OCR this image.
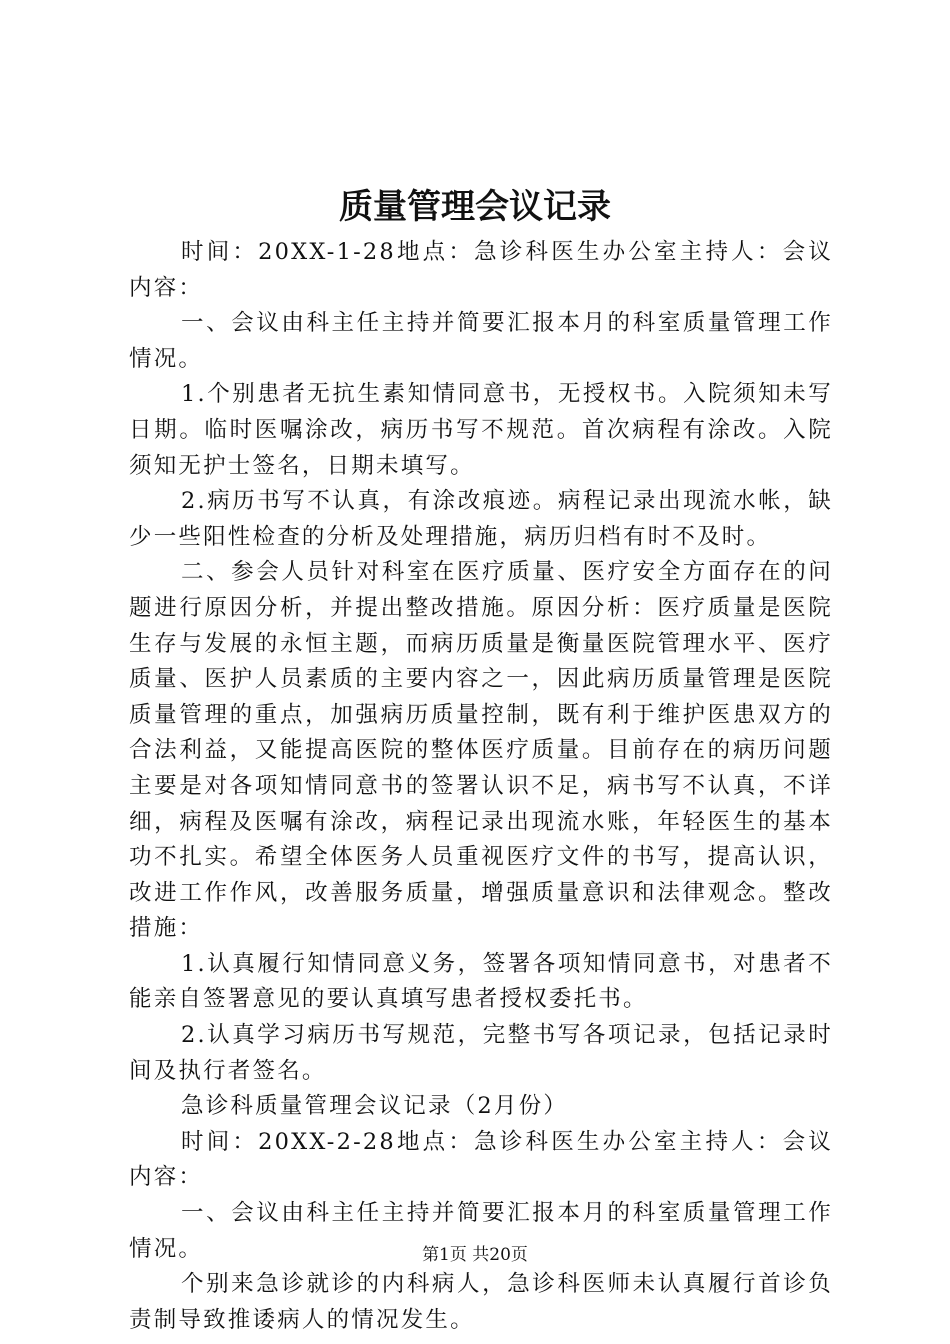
质量管理会议记录

时间：20XX-1-28地点：急诊科医生办公室主持人：会议内容：

一、会议由科主任主持并简要汇报本月的科室质量管理工作情况。

1.个别患者无抗生素知情同意书，无授权书。入院须知未写日期。临时医嘱涂改，病历书写不规范。首次病程有涂改。入院须知无护士签名，日期未填写。

2.病历书写不认真，有涂改痕迹。病程记录出现流水帐，缺少一些阳性检查的分析及处理措施，病历归档有时不及时。

二、参会人员针对科室在医疗质量、医疗安全方面存在的问题进行原因分析，并提出整改措施。原因分析：医疗质量是医院生存与发展的永恒主题，而病历质量是衡量医院管理水平、医疗质量、医护人员素质的主要内容之一，因此病历质量管理是医院质量管理的重点，加强病历质量控制，既有利于维护医患双方的合法利益，又能提高医院的整体医疗质量。目前存在的病历问题主要是对各项知情同意书的签署认识不足，病书写不认真，不详细，病程及医嘱有涂改，病程记录出现流水账，年轻医生的基本功不扎实。希望全体医务人员重视医疗文件的书写，提高认识，改进工作作风，改善服务质量，增强质量意识和法律观念。整改措施：

1.认真履行知情同意义务，签署各项知情同意书，对患者不能亲自签署意见的要认真填写患者授权委托书。

2.认真学习病历书写规范，完整书写各项记录，包括记录时间及执行者签名。

急诊科质量管理会议记录（2月份）

时间：20XX-2-28地点：急诊科医生办公室主持人：会议内容：

一、会议由科主任主持并简要汇报本月的科室质量管理工作情况。

个别来急诊就诊的内科病人，急诊科医师未认真履行首诊负责制导致推诿病人的情况发生。

第1页 共20页
